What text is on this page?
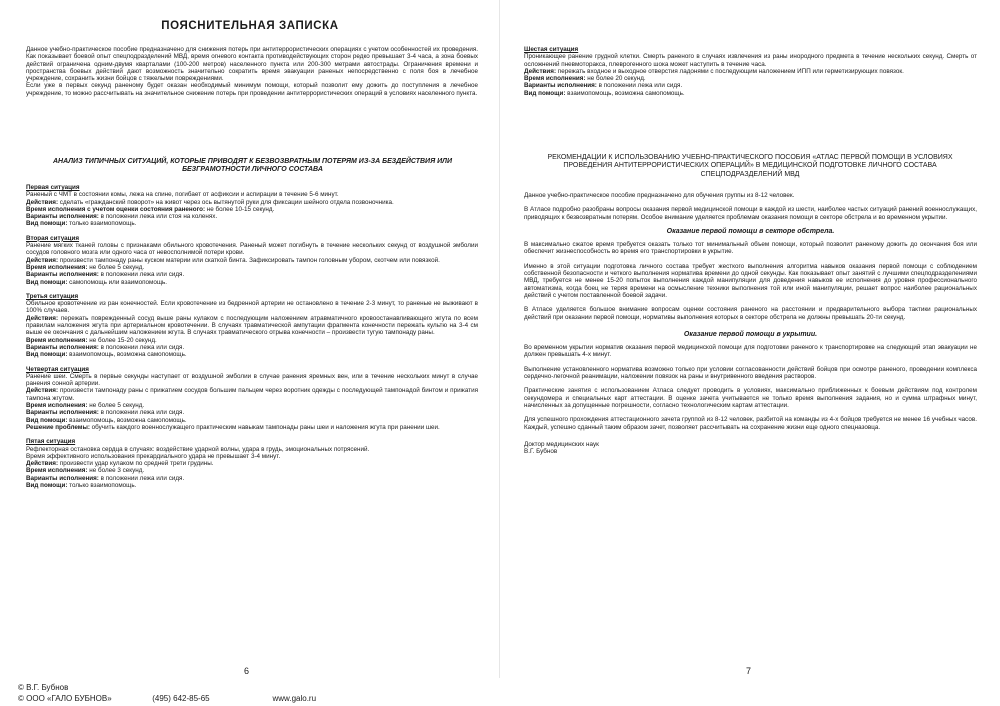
ПОЯСНИТЕЛЬНАЯ ЗАПИСКА

Данное учебно-практическое пособие предназначено для снижения потерь при антитеррористических операциях с учетом особенностей их проведения. Как показывает боевой опыт спецподразделений МВД, время огневого контакта противодействующих сторон редко превышает 3-4 часа, а зона боевых действий ограничена одним-двумя кварталами (100-200 метров) населенного пункта или 200-300 метрами автострады. Ограничения времени и пространства боевых действий дают возможность значительно сократить время эвакуации раненых непосредственно с поля боя в лечебное учреждение, сохранить жизни бойцов с тяжелыми повреждениями.

Если уже в первых секунд раненому будет оказан необходимый минимум помощи, который позволит ему дожить до поступления в лечебное учреждение, то можно рассчитывать на значительное снижение потерь при проведении антитеррористических операций в условиях населенного пункта.

АНАЛИЗ ТИПИЧНЫХ СИТУАЦИЙ, КОТОРЫЕ ПРИВОДЯТ К БЕЗВОЗВРАТНЫМ ПОТЕРЯМ ИЗ-ЗА БЕЗДЕЙСТВИЯ ИЛИ БЕЗГРАМОТНОСТИ ЛИЧНОГО СОСТАВА
Первая ситуация

Раненый с ЧМТ в состоянии комы, лежа на спине, погибает от асфиксии и аспирации в течение 5-6 минут.

Действия: сделать «гражданский поворот» на живот через ось вытянутой руки для фиксации шейного отдела позвоночника.

Время исполнения с учетом оценки состояния раненого: не более 10-15 секунд.

Варианты исполнения: в положении лежа или стоя на коленях.

Вид помощи: только взаимопомощь.

Вторая ситуация

Ранение мягких тканей головы с признаками обильного кровотечения. Раненый может погибнуть в течение нескольких секунд от воздушной эмболии сосудов головного мозга или одного часа от невосполнимой потери крови.

Действия: произвести тампонаду раны куском материи или скаткой бинта. Зафиксировать тампон головным убором, скотчем или повязкой.

Время исполнения: не более 5 секунд.

Варианты исполнения: в положении лежа или сидя.

Вид помощи: самопомощь или взаимопомощь.

Третья ситуация

Обильное кровотечение из ран конечностей. Если кровотечение из бедренной артерии не остановлено в течение 2-3 минут, то раненые не выживают в 100% случаев.

Действия: пережать поврежденный сосуд выше раны кулаком с последующим наложением атравматичного кровоостанавливающего жгута по всем правилам наложения жгута при артериальном кровотечении. В случаях травматической ампутации фрагмента конечности пережать культю на 3-4 см выше ее окончания с дальнейшим наложением жгута. В случаях травматического отрыва конечности – произвести тугую тампонаду раны.

Время исполнения: не более 15-20 секунд.

Варианты исполнения: в положении лежа или сидя.

Вид помощи: взаимопомощь, возможна самопомощь.

Четвертая ситуация

Ранение шеи. Смерть в первые секунды наступает от воздушной эмболии в случае ранения яремных вен, или в течение нескольких минут в случае ранения сонной артерии.

Действия: произвести тампонаду раны с прижатием сосудов большим пальцем через воротник одежды с последующей тампонадой бинтом и прижатия тампона жгутом.

Время исполнения: не более 5 секунд.

Варианты исполнения: в положении лежа или сидя.

Вид помощи: взаимопомощь, возможна самопомощь.

Решение проблемы: обучить каждого военнослужащего практическим навыкам тампонады раны шеи и наложения жгута при ранении шеи.

Пятая ситуация

Рефлекторная остановка сердца в случаях: воздействие ударной волны, удара в грудь, эмоциональных потрясений.

Время эффективного использования прекардиального удара не превышает 3-4 минут.

Действия: произвести удар кулаком по средней трети грудины.

Время исполнения: не более 3 секунд.

Варианты исполнения: в положении лежа или сидя.

Вид помощи: только взаимопомощь.

6
Шестая ситуация

Проникающее ранение грудной клетки. Смерть раненого в случаях извлечения из раны инородного предмета в течение нескольких секунд. Смерть от осложнений пневмоторакса, плеврогенного шока может наступить в течение часа.

Действия: пережать входное и выходное отверстия ладонями с последующим наложением ИПП или герметизирующих повязок.

Время исполнения: не более 20 секунд.

Варианты исполнения: в положении лежа или сидя.

Вид помощи: взаимопомощь, возможна самопомощь.

РЕКОМЕНДАЦИИ К ИСПОЛЬЗОВАНИЮ УЧЕБНО-ПРАКТИЧЕСКОГО ПОСОБИЯ «АТЛАС ПЕРВОЙ ПОМОЩИ В УСЛОВИЯХ ПРОВЕДЕНИЯ АНТИТЕРРОРИСТИЧЕСКИХ ОПЕРАЦИЙ» В МЕДИЦИНСКОЙ ПОДГОТОВКЕ ЛИЧНОГО СОСТАВА СПЕЦПОДРАЗДЕЛЕНИЙ МВД

Данное учебно-практическое пособие предназначено для обучения группы из 8-12 человек.

В Атласе подробно разобраны вопросы оказания первой медицинской помощи в каждой из шести, наиболее частых ситуаций ранений военнослужащих, приводящих к безвозвратным потерям. Особое внимание уделяется проблемам оказания помощи в секторе обстрела и во временном укрытии.

Оказание первой помощи в секторе обстрела.

В максимально сжатое время требуется оказать только тот минимальный объем помощи, который позволит раненому дожить до окончания боя или обеспечит жизнеспособность во время его транспортировки в укрытие.

Именно в этой ситуации подготовка личного состава требует жесткого выполнения алгоритма навыков оказания первой помощи с соблюдением собственной безопасности и четкого выполнения норматива времени до одной секунды. Как показывает опыт занятий с лучшими спецподразделениями МВД, требуется не менее 15-20 попыток выполнения каждой манипуляции для доведения навыков ее исполнения до уровня профессионального автоматизма, когда боец не теряя времени на осмысление техники выполнения той или иной манипуляции, решает вопрос наиболее рациональных действий с учетом поставленной боевой задачи.

В Атласе уделяется большое внимание вопросам оценки состояния раненого на расстоянии и предварительного выбора тактики рациональных действий при оказании первой помощи, нормативы выполнения которых в секторе обстрела не должны превышать 20-ти секунд.

Оказание первой помощи в укрытии.

Во временном укрытии норматив оказания первой медицинской помощи для подготовки раненого к транспортировке на следующий этап эвакуации не должен превышать 4-х минут.

Выполнение установленного норматива возможно только при условии согласованности действий бойцов при осмотре раненого, проведении комплекса сердечно-легочной реанимации, наложении повязок на раны и внутривенного введения растворов.

Практические занятия с использованием Атласа следует проводить в условиях, максимально приближенных к боевым действиям под контролем секундомера и специальных карт аттестации. В оценке зачета учитывается не только время выполнения задания, но и сумма штрафных минут, начисленных за допущенные погрешности, согласно технологическим картам аттестации.

Для успешного прохождения аттестационного зачета группой из 8-12 человек, разбитой на команды из 4-х бойцов требуется не менее 16 учебных часов. Каждый, успешно сданный таким образом зачет, позволяет рассчитывать на сохранение жизни еще одного спецназовца.

Доктор медицинских наук
В.Г. Бубнов
7
© В.Г. Бубнов
© ООО «ГАЛО БУБНОВ»	(495) 642-85-65	www.galo.ru
